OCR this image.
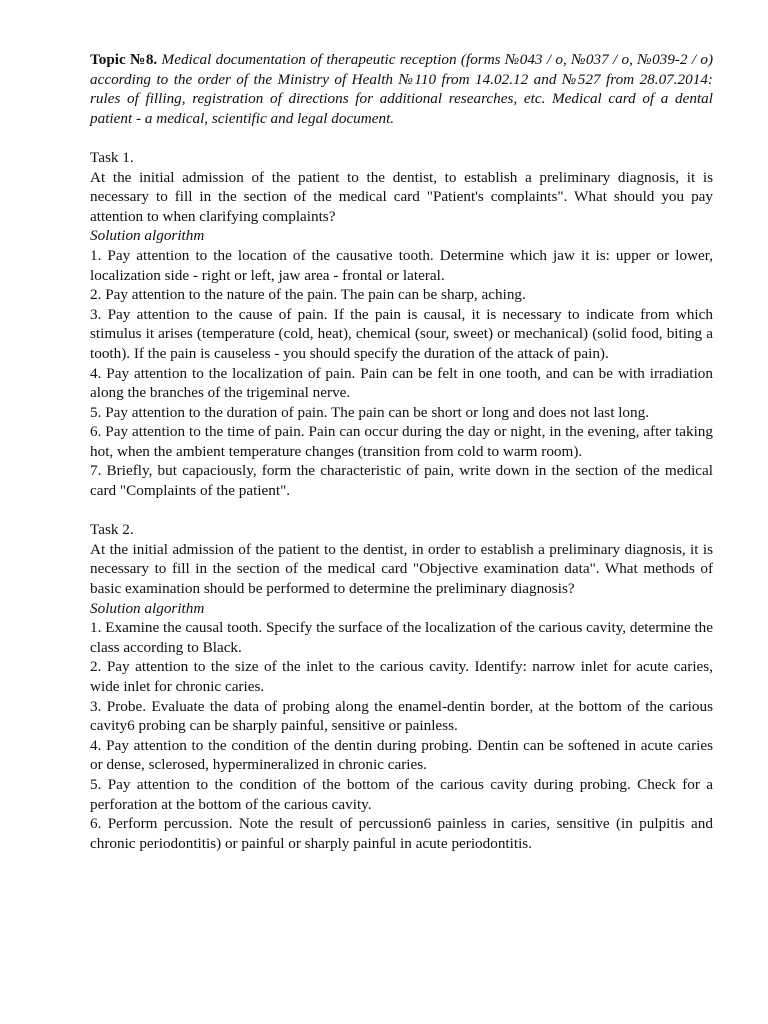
Topic №8. Medical documentation of therapeutic reception (forms №043 / o, №037 / o, №039-2 / o) according to the order of the Ministry of Health №110 from 14.02.12 and №527 from 28.07.2014: rules of filling, registration of directions for additional researches, etc. Medical card of a dental patient - a medical, scientific and legal document.

Task 1.

At the initial admission of the patient to the dentist, to establish a preliminary diagnosis, it is necessary to fill in the section of the medical card "Patient's complaints". What should you pay attention to when clarifying complaints?

Solution algorithm

1. Pay attention to the location of the causative tooth. Determine which jaw it is: upper or lower, localization side - right or left, jaw area - frontal or lateral.

2. Pay attention to the nature of the pain. The pain can be sharp, aching.

3. Pay attention to the cause of pain. If the pain is causal, it is necessary to indicate from which stimulus it arises (temperature (cold, heat), chemical (sour, sweet) or mechanical) (solid food, biting a tooth). If the pain is causeless - you should specify the duration of the attack of pain).

4. Pay attention to the localization of pain. Pain can be felt in one tooth, and can be with irradiation along the branches of the trigeminal nerve.

5. Pay attention to the duration of pain. The pain can be short or long and does not last long.

6. Pay attention to the time of pain. Pain can occur during the day or night, in the evening, after taking hot, when the ambient temperature changes (transition from cold to warm room).

7. Briefly, but capaciously, form the characteristic of pain, write down in the section of the medical card "Complaints of the patient".

Task 2.

At the initial admission of the patient to the dentist, in order to establish a preliminary diagnosis, it is necessary to fill in the section of the medical card "Objective examination data". What methods of basic examination should be performed to determine the preliminary diagnosis?

Solution algorithm

1. Examine the causal tooth. Specify the surface of the localization of the carious cavity, determine the class according to Black.

2. Pay attention to the size of the inlet to the carious cavity. Identify: narrow inlet for acute caries, wide inlet for chronic caries.

3. Probe. Evaluate the data of probing along the enamel-dentin border, at the bottom of the carious cavity6 probing can be sharply painful, sensitive or painless.

4. Pay attention to the condition of the dentin during probing. Dentin can be softened in acute caries or dense, sclerosed, hypermineralized in chronic caries.

5. Pay attention to the condition of the bottom of the carious cavity during probing. Check for a perforation at the bottom of the carious cavity.

6. Perform percussion. Note the result of percussion6 painless in caries, sensitive (in pulpitis and chronic periodontitis) or painful or sharply painful in acute periodontitis.
